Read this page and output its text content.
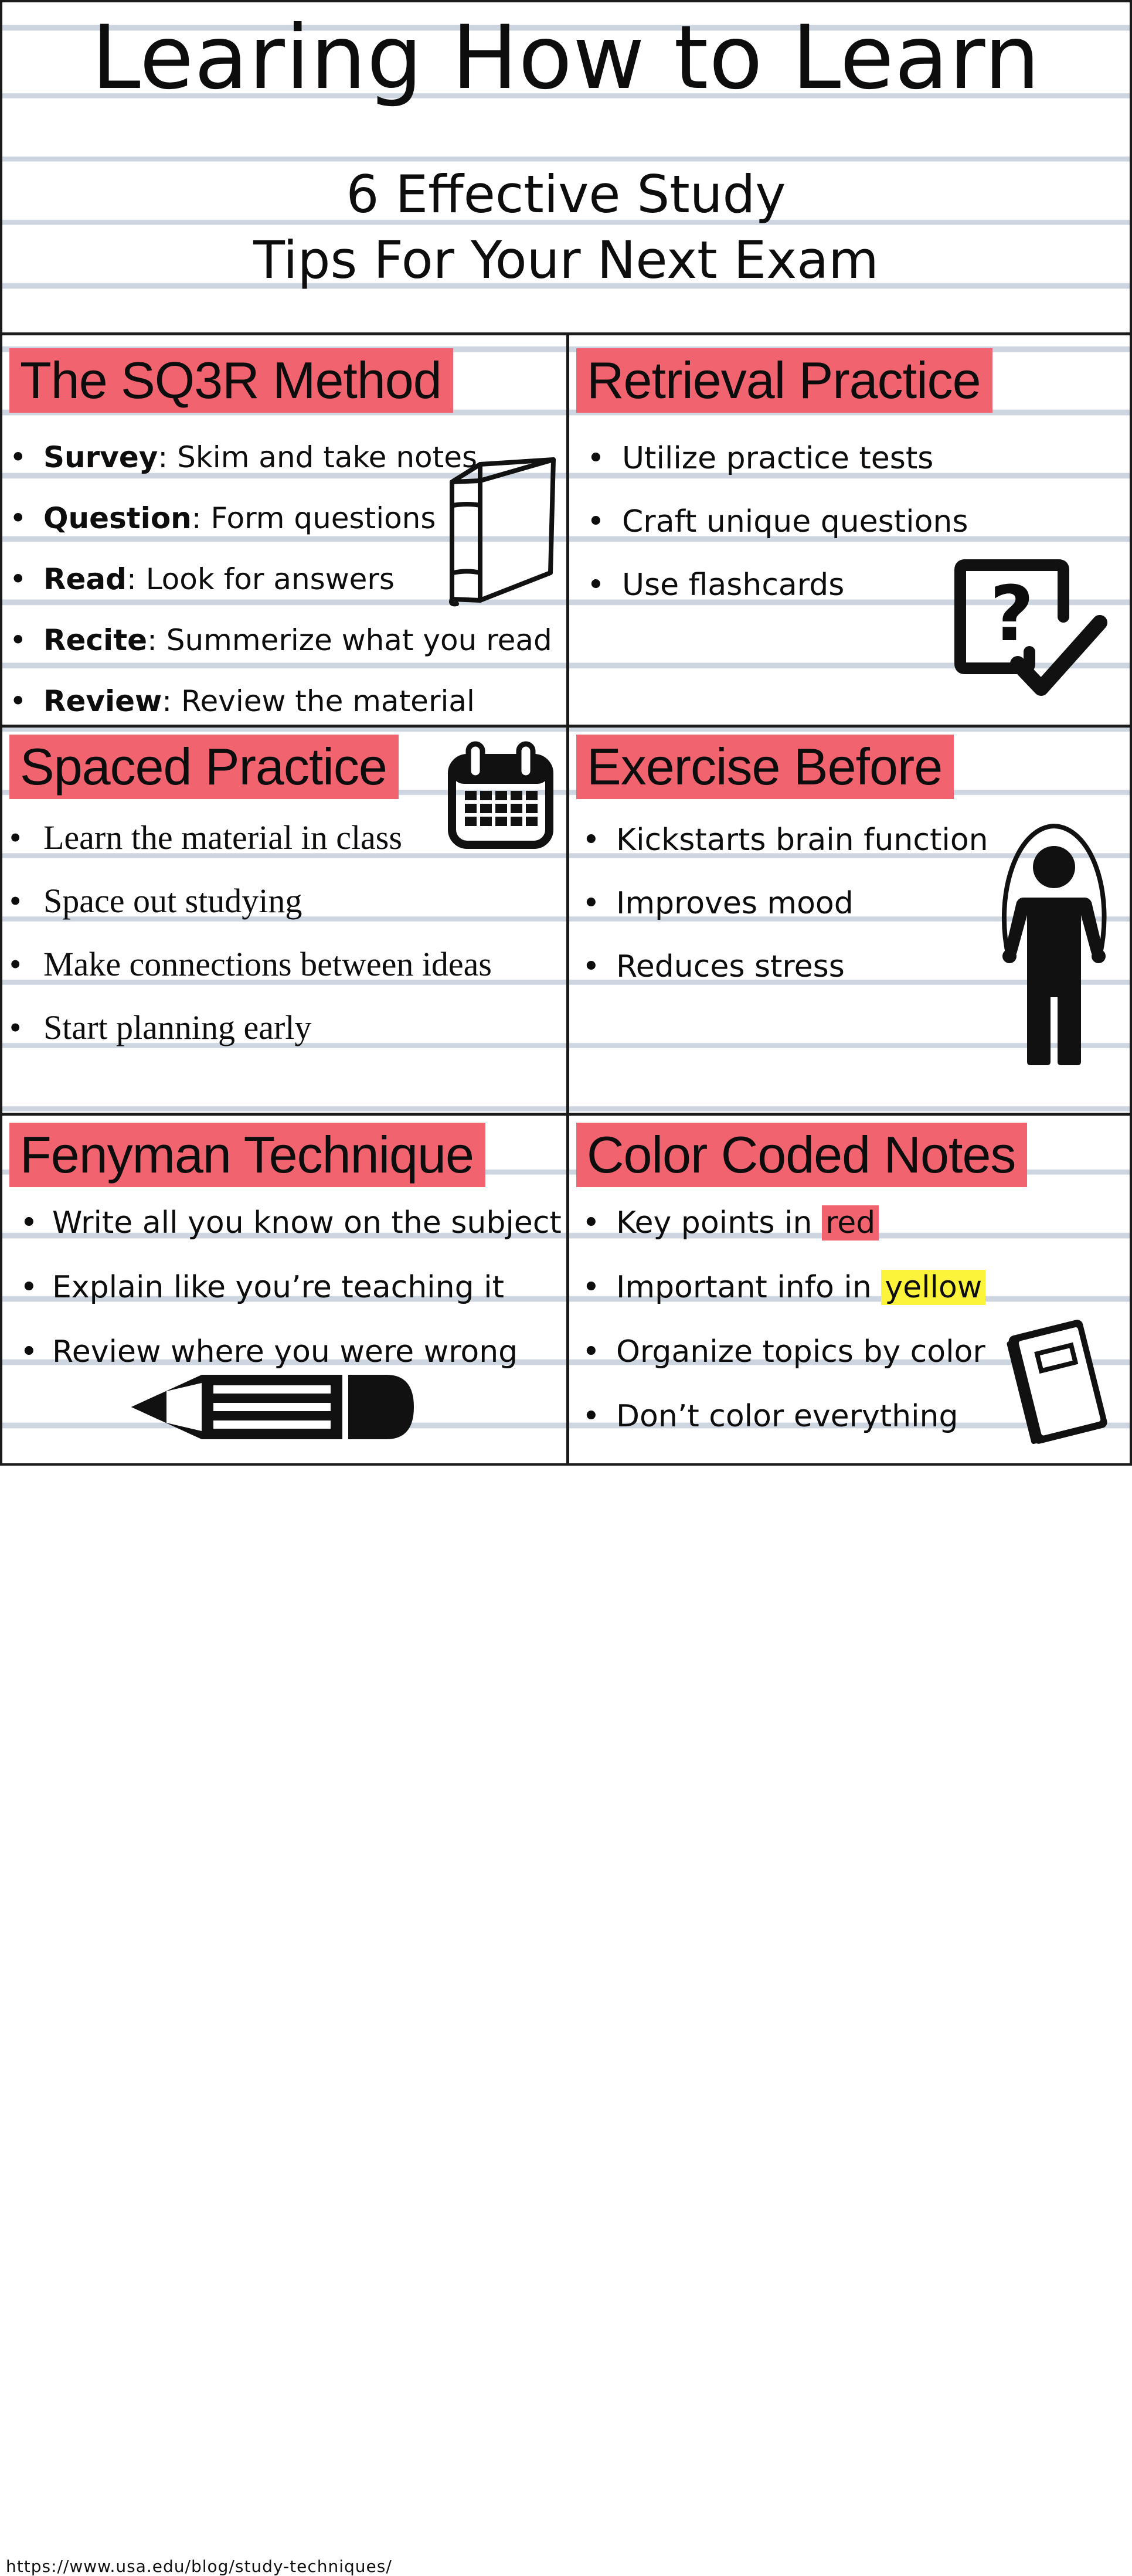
Learing How to Learn
6 Effective Study
Tips For Your Next Exam
The SQ3R Method
• Survey: Skim and take notes
• Question: Form questions
• Read: Look for answers
• Recite: Summerize what you read
• Review: Review the material
Retrieval Practice
• Utilize practice tests
• Craft unique questions
• Use flashcards	?
Spaced Practice
• Learn the material in class
• Space out studying
• Make connections between ideas
• Start planning early
Exercise Before
• Kickstarts brain function
• Improves mood
• Reduces stress
Fenyman Technique
• Write all you know on the subject
• Explain like you’re teaching it
• Review where you were wrong
https://www.usa.edu/blog/study-techniques/
Color Coded Notes
• Key points in red
• Important info in yellow
• Organize topics by color
• Don’t color everything
